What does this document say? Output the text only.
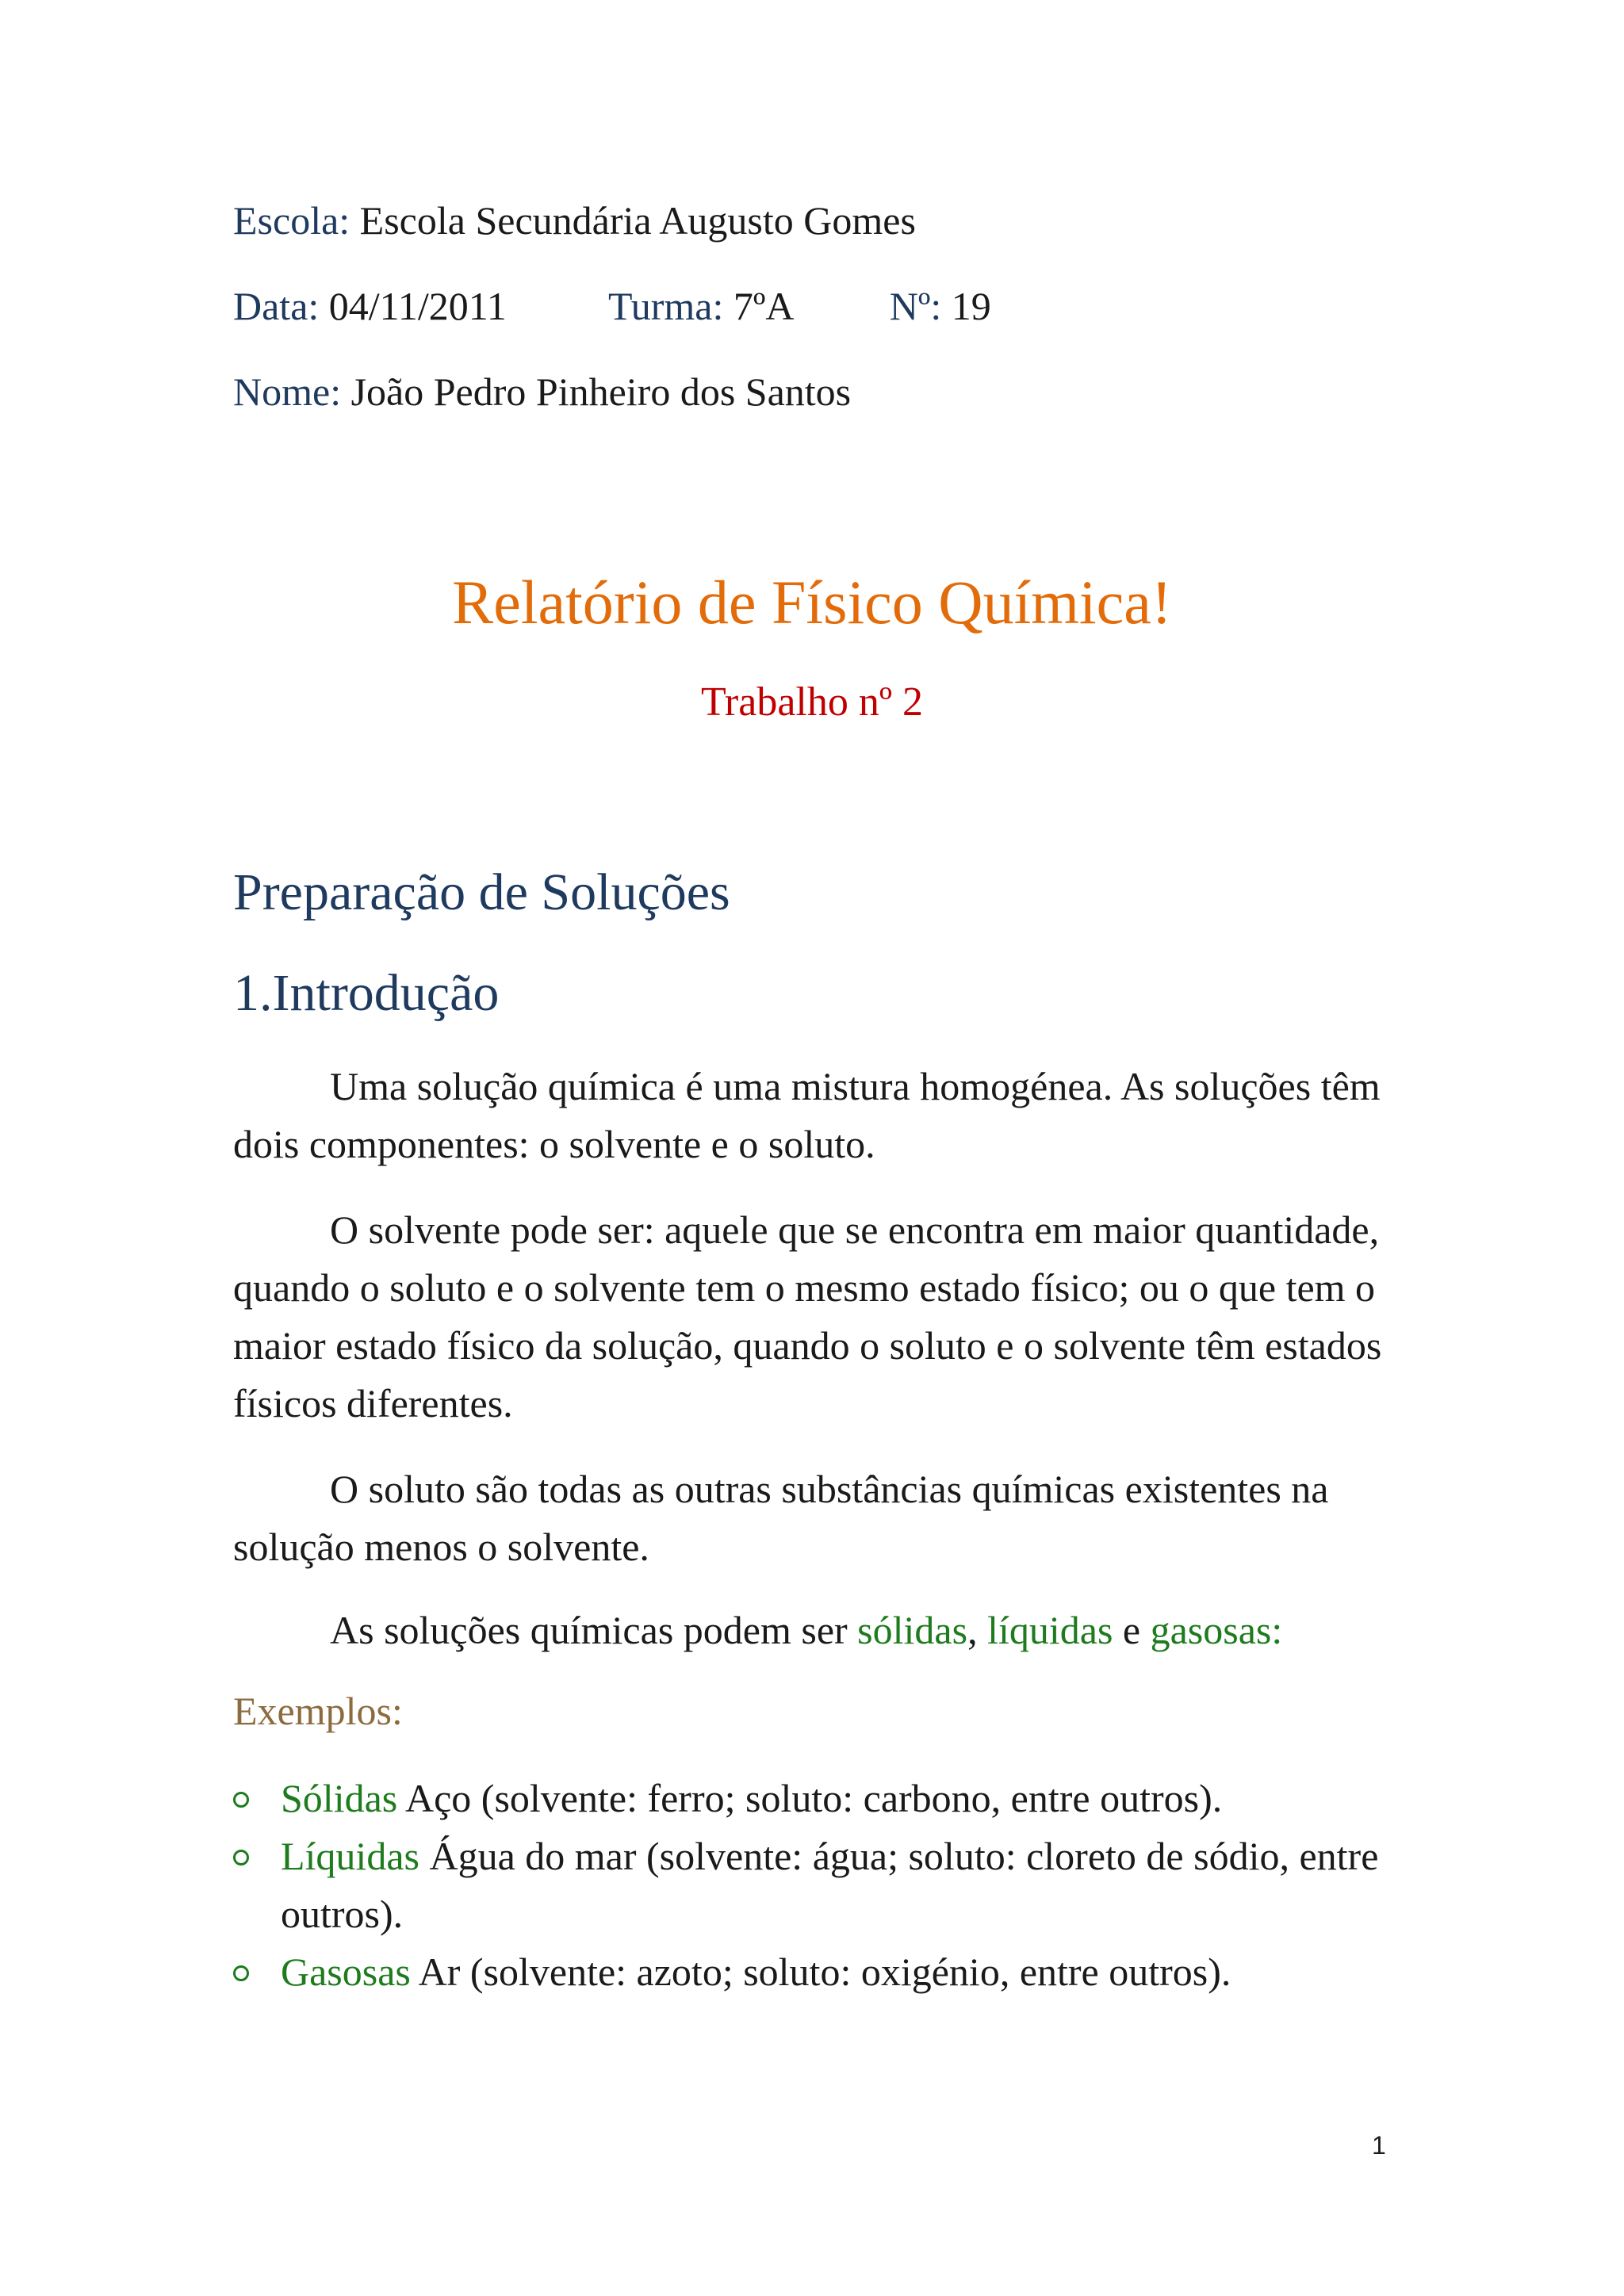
Escola: Escola Secundária Augusto Gomes
Data: 04/11/2011	Turma: 7ºA Nº: 19
Nome: João Pedro Pinheiro dos Santos
Relatório de Físico Química!
Trabalho nº 2
Preparação de Soluções
1.Introdução

Uma solução química é uma mistura homogénea. As soluções têm dois componentes: o solvente e o soluto.

O solvente pode ser: aquele que se encontra em maior quantidade, quando o soluto e o solvente tem o mesmo estado físico; ou o que tem o maior estado físico da solução, quando o soluto e o solvente têm estados físicos diferentes.

O soluto são todas as outras substâncias químicas existentes na solução menos o solvente.

As soluções químicas podem ser sólidas, líquidas e gasosas:

Exemplos:
Sólidas Aço (solvente: ferro; soluto: carbono, entre outros).
Líquidas Água do mar (solvente: água; soluto: cloreto de sódio, entre outros).
Gasosas Ar (solvente: azoto; soluto: oxigénio, entre outros).
1
